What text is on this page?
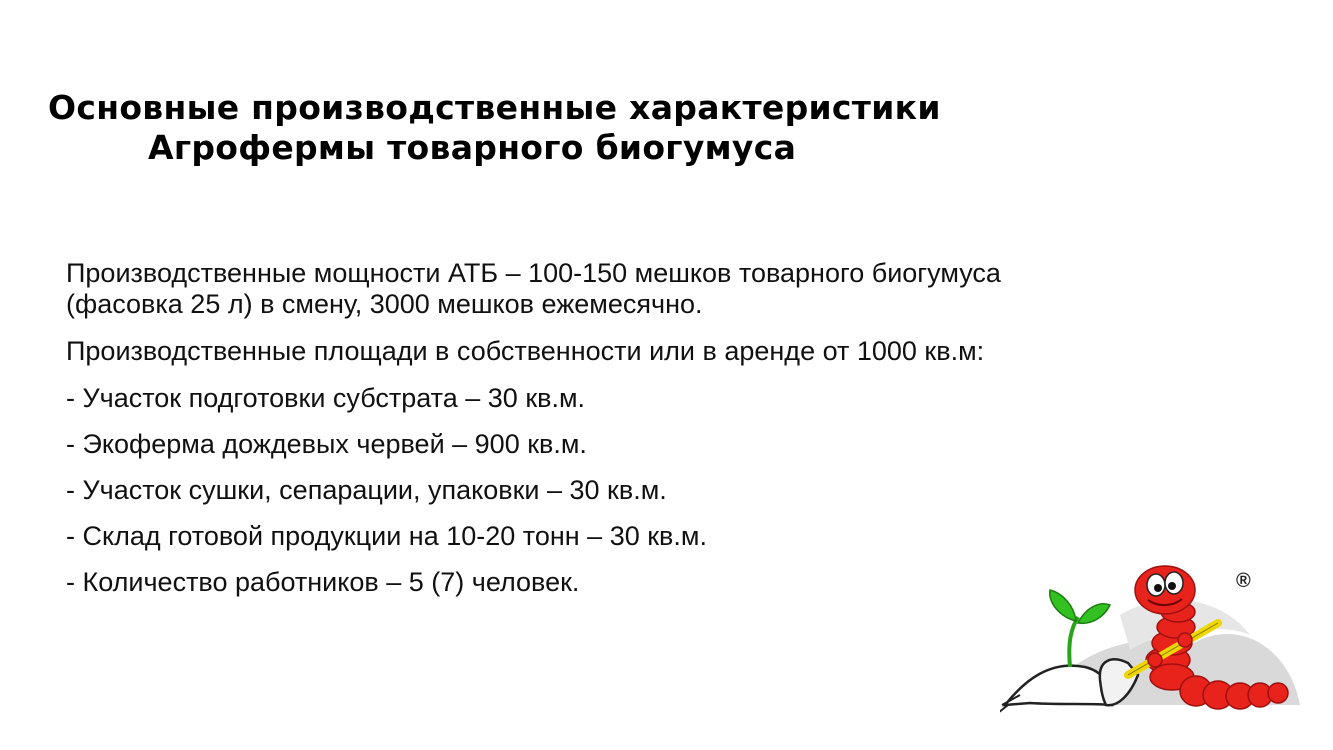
Основные производственные характеристики
Агрофермы товарного биогумуса
Производственные мощности АТБ – 100-150 мешков товарного биогумуса (фасовка 25 л) в смену, 3000 мешков ежемесячно.
Производственные площади в собственности или в аренде от 1000 кв.м:
- Участок подготовки субстрата – 30 кв.м.
- Экоферма дождевых червей – 900 кв.м.
- Участок сушки, сепарации, упаковки – 30 кв.м.
- Склад готовой продукции на 10-20 тонн – 30 кв.м.
- Количество работников – 5 (7) человек.	®
